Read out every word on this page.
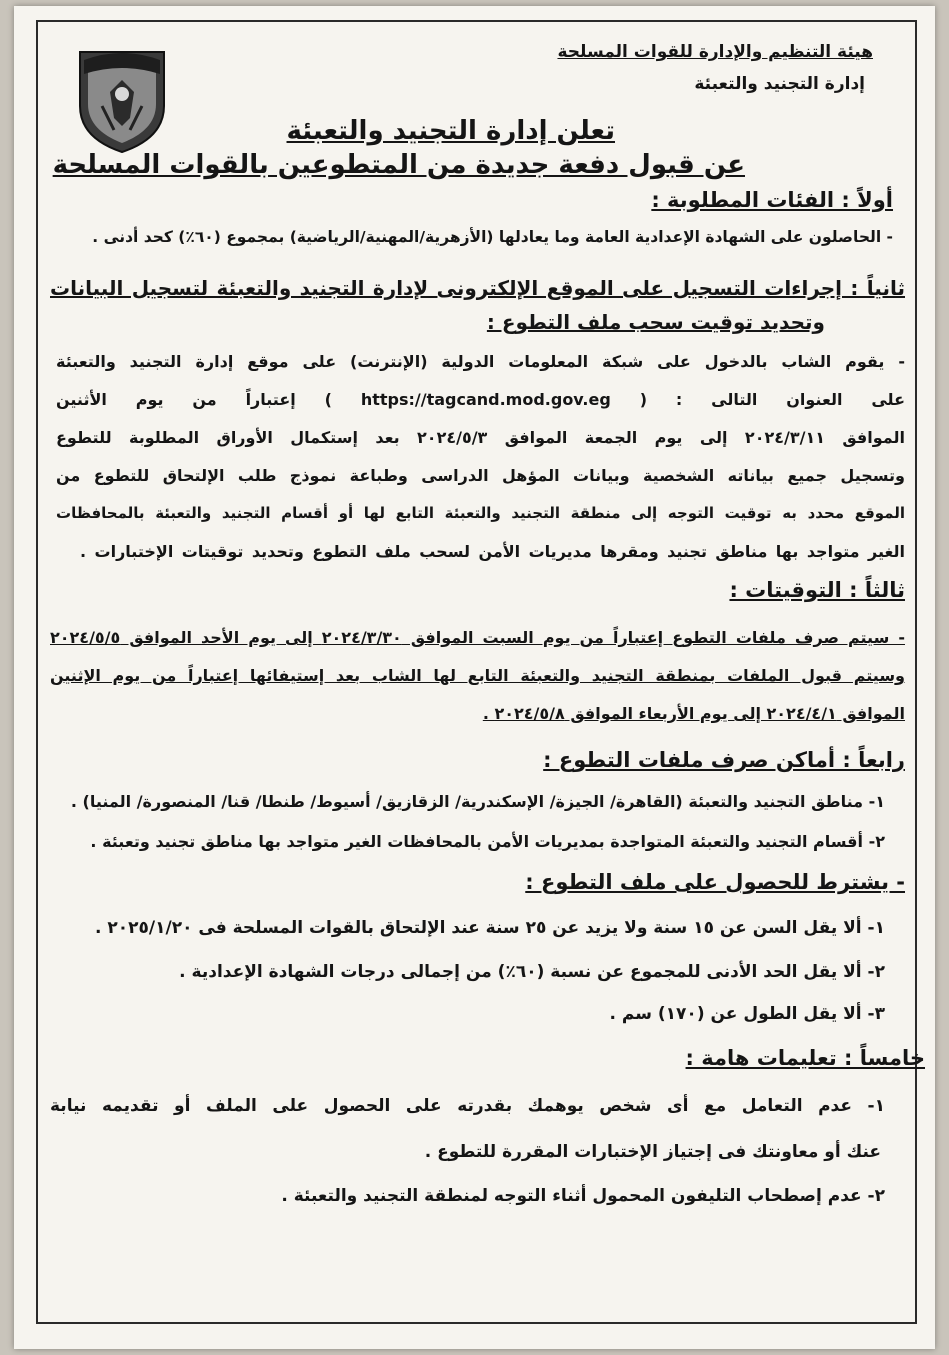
هيئة التنظيم والإدارة للقوات المسلحة
إدارة التجنيد والتعبئة
تعلن إدارة التجنيد والتعبئة
عن قبول دفعة جديدة من المتطوعين بالقوات المسلحة
أولاً : الفئات المطلوبة :
- الحاصلون على الشهادة الإعدادية العامة وما يعادلها (الأزهرية/المهنية/الرياضية) بمجموع (٦٠٪) كحد أدنى .
ثانياً : إجراءات التسجيل على الموقع الإلكترونى لإدارة التجنيد والتعبئة لتسجيل البيانات
وتحديد توقيت سحب ملف التطوع :
- يقوم الشاب بالدخول على شبكة المعلومات الدولية (الإنترنت) على موقع إدارة التجنيد والتعبئة
على العنوان التالى : ( https://tagcand.mod.gov.eg ) إعتباراً من يوم الأثنين
الموافق ٢٠٢٤/٣/١١ إلى يوم الجمعة الموافق ٢٠٢٤/٥/٣ بعد إستكمال الأوراق المطلوبة للتطوع
وتسجيل جميع بياناته الشخصية وبيانات المؤهل الدراسى وطباعة نموذج طلب الإلتحاق للتطوع من
الموقع محدد به توقيت التوجه إلى منطقة التجنيد والتعبئة التابع لها أو أقسام التجنيد والتعبئة بالمحافظات
الغير متواجد بها مناطق تجنيد ومقرها مديريات الأمن لسحب ملف التطوع وتحديد توقيتات الإختبارات .
ثالثاً : التوقيتات :
- سيتم صرف ملفات التطوع إعتباراً من يوم السبت الموافق ٢٠٢٤/٣/٣٠ إلى يوم الأحد الموافق ٢٠٢٤/٥/٥
وسيتم قبول الملفات بمنطقة التجنيد والتعبئة التابع لها الشاب بعد إستيفائها إعتباراً من يوم الإثنين
الموافق ٢٠٢٤/٤/١ إلى يوم الأربعاء الموافق ٢٠٢٤/٥/٨ .
رابعاً : أماكن صرف ملفات التطوع :
١- مناطق التجنيد والتعبئة (القاهرة/ الجيزة/ الإسكندرية/ الزقازيق/ أسيوط/ طنطا/ قنا/ المنصورة/ المنيا) .
٢- أقسام التجنيد والتعبئة المتواجدة بمديريات الأمن بالمحافظات الغير متواجد بها مناطق تجنيد وتعبئة .
- يشترط للحصول على ملف التطوع :
١- ألا يقل السن عن ١٥ سنة ولا يزيد عن ٢٥ سنة عند الإلتحاق بالقوات المسلحة فى ٢٠٢٥/١/٢٠ .
٢- ألا يقل الحد الأدنى للمجموع عن نسبة (٦٠٪) من إجمالى درجات الشهادة الإعدادية .
٣- ألا يقل الطول عن (١٧٠) سم .
خامساً : تعليمات هامة :
١- عدم التعامل مع أى شخص يوهمك بقدرته على الحصول على الملف أو تقديمه نيابة
عنك أو معاونتك فى إجتياز الإختبارات المقررة للتطوع .
٢- عدم إصطحاب التليفون المحمول أثناء التوجه لمنطقة التجنيد والتعبئة .
